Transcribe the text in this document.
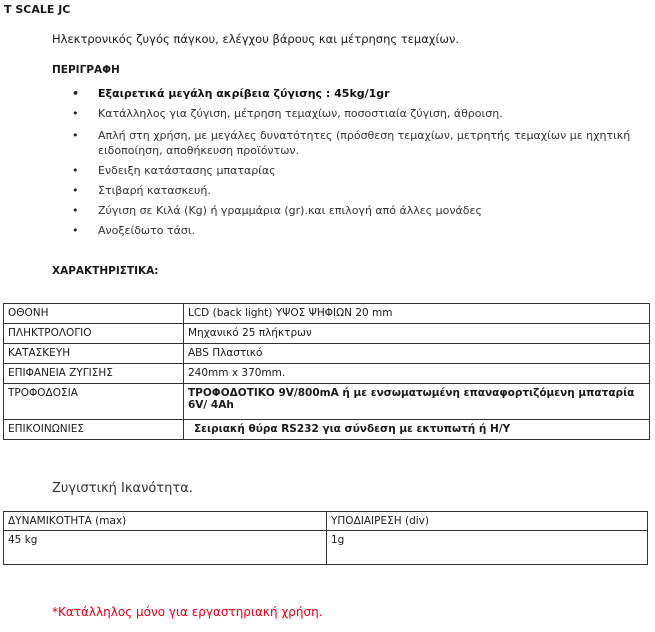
T SCALE JC
Ηλεκτρονικός ζυγός πάγκου, ελέγχου βάρους και μέτρησης τεμαχίων.
ΠΕΡΙΓΡΑΦΗ
• Εξαιρετικά μεγάλη ακρίβεια ζύγισης : 45kg/1gr
• Κατάλληλος για ζύγιση, μέτρηση τεμαχίων, ποσοστιαία ζύγιση, άθροιση.
• Απλή στη χρήση, με μεγάλες δυνατότητες (πρόσθεση τεμαχίων, μετρητής τεμαχίων με ηχητική ειδοποίηση, αποθήκευση προϊόντων.
• Ενδειξη κατάστασης μπαταρίας
• Στιβαρή κατασκευή.
• Ζύγιση σε Κιλά (Kg) ή γραμμάρια (gr).και επιλογή από άλλες μονάδες
• Ανοξείδωτο τάσι.
ΧΑΡΑΚΤΗΡΙΣΤΙΚΑ:
ΟΘΟΝΗ	LCD (back light) ΥΨΟΣ ΨΗΦΙΩΝ 20 mm
ΠΛΗΚΤΡΟΛΟΓΙΟ	Μηχανικό 25 πλήκτρων
ΚΑΤΑΣΚΕΥΗ	ABS Πλαστικό
ΕΠΙΦΑΝΕΙΑ ΖΥΓΙΣΗΣ	240mm x 370mm.
ΤΡΟΦΟΔΟΣΙΑ	ΤΡΟΦΟΔΟΤΙΚΟ 9V/800mA ή με ενσωματωμένη επαναφορτιζόμενη μπαταρία 6V/ 4Ah
ΕΠΙΚΟΙΝΩΝΙΕΣ	Σειριακή θύρα RS232 για σύνδεση με εκτυπωτή ή Η/Υ
Ζυγιστική Ικανότητα.
ΔΥΝΑΜΙΚΟΤΗΤΑ (max)	ΥΠΟΔΙΑΙΡΕΣΗ (div)
45 kg	1g
*Κατάλληλος μόνο για εργαστηριακή χρήση.
